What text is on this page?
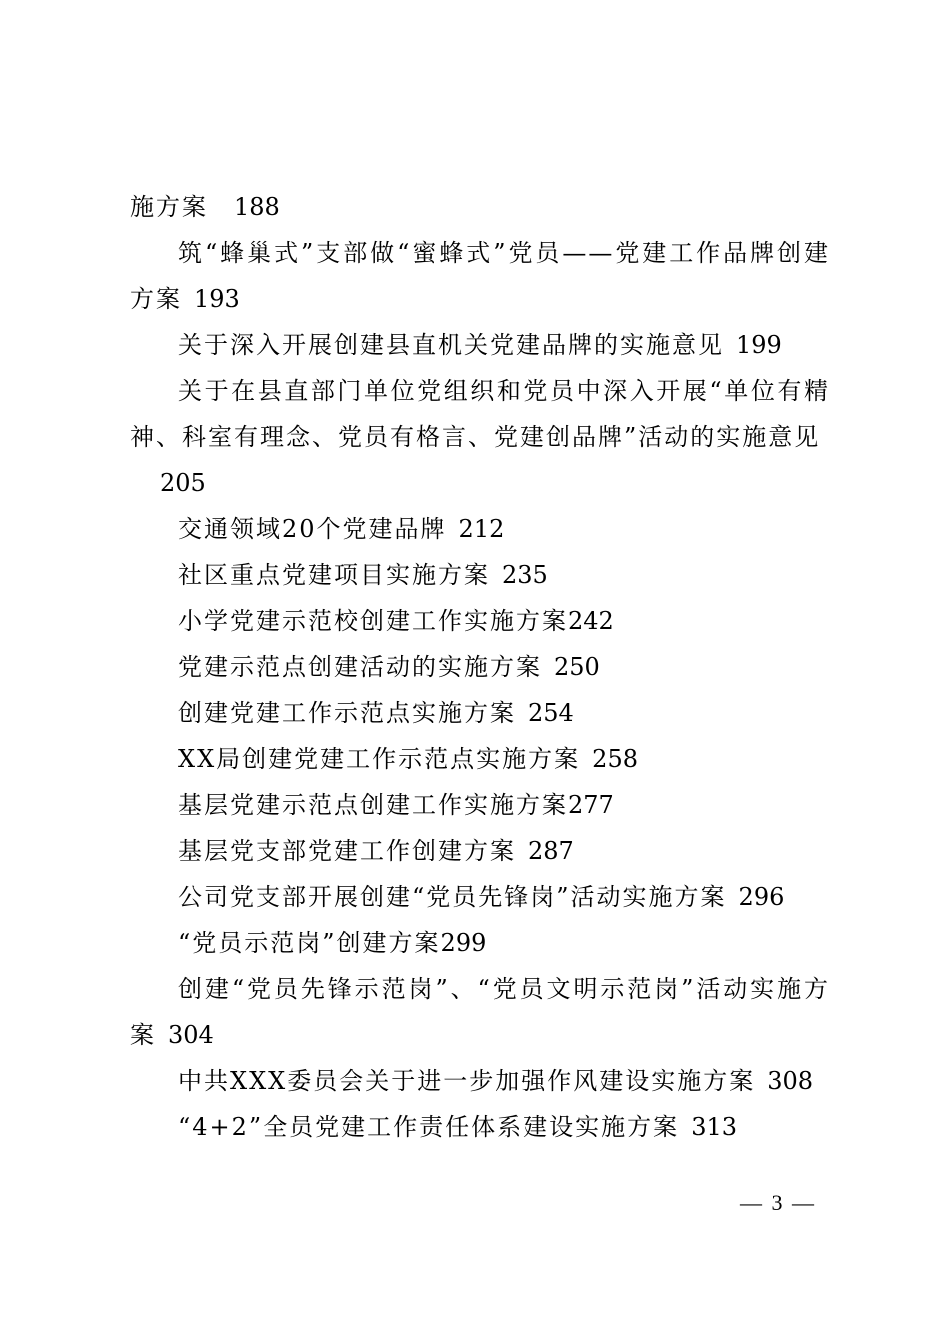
施方案 188

筑“蜂巢式”支部做“蜜蜂式”党员——党建工作品牌创建方案 193

关于深入开展创建县直机关党建品牌的实施意见 199

关于在县直部门单位党组织和党员中深入开展“单位有精神、科室有理念、党员有格言、党建创品牌”活动的实施意见

205

交通领域20个党建品牌 212

社区重点党建项目实施方案 235

小学党建示范校创建工作实施方案242

党建示范点创建活动的实施方案 250

创建党建工作示范点实施方案 254

XX局创建党建工作示范点实施方案 258

基层党建示范点创建工作实施方案277

基层党支部党建工作创建方案 287

公司党支部开展创建“党员先锋岗”活动实施方案 296

“党员示范岗”创建方案299

创建“党员先锋示范岗”、“党员文明示范岗”活动实施方案 304

中共XXX委员会关于进一步加强作风建设实施方案 308

“4+2”全员党建工作责任体系建设实施方案 313

— 3 —
